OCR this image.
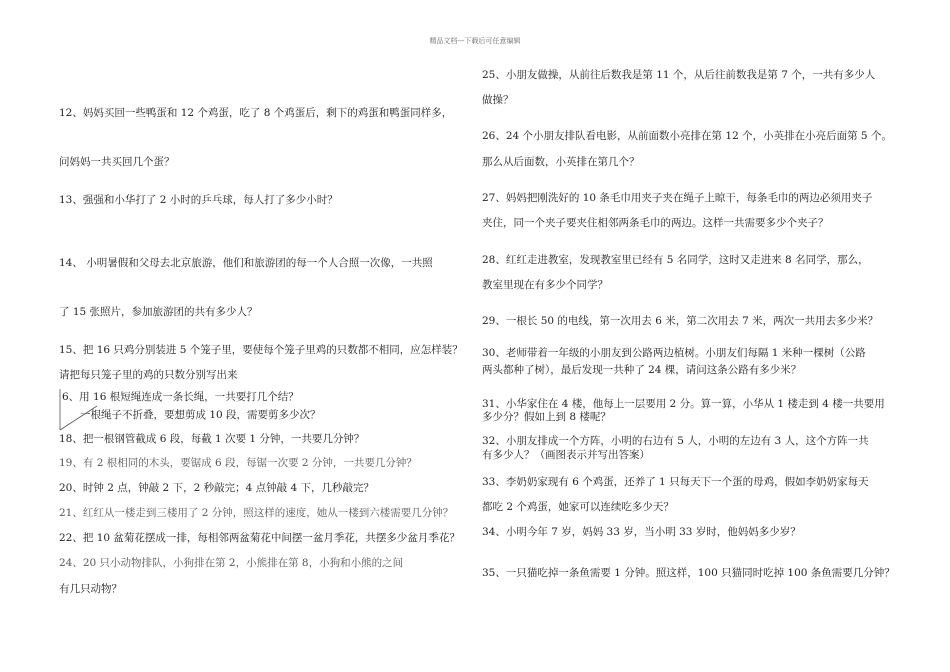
精品文档---下载后可任意编辑
12、妈妈买回一些鸭蛋和 12 个鸡蛋，吃了 8 个鸡蛋后，剩下的鸡蛋和鸭蛋同样多，
问妈妈一共买回几个蛋？
13、强强和小华打了 2 小时的乒乓球，每人打了多少小时？
14、 小明暑假和父母去北京旅游，他们和旅游团的每一个人合照一次像，一共照
了 15 张照片，参加旅游团的共有多少人？
15、把 16 只鸡分别装进 5 个笼子里，要使每个笼子里鸡的只数都不相同，应怎样装？
请把每只笼子里的鸡的只数分别写出来
6、用 16 根短绳连成一条长绳，一共要打几个结？
一根绳子不折叠，要想剪成 10 段，需要剪多少次？
18、把一根钢管截成 6 段，每截 1 次要 1 分钟，一共要几分钟？
19、有 2 根相同的木头，要锯成 6 段，每锯一次要 2 分钟，一共要几分钟？
20、时钟 2 点，钟敲 2 下，2 秒敲完；4 点钟敲 4 下，几秒敲完？
21、红红从一楼走到三楼用了 2 分钟，照这样的速度，她从一楼到六楼需要几分钟？
22、把 10 盆菊花摆成一排，每相邻两盆菊花中间摆一盆月季花，共摆多少盆月季花？
24、20 只小动物排队，小狗排在第 2，小熊排在第 8，小狗和小熊的之间
有几只动物？
25、小朋友做操，从前往后数我是第 11 个，从后往前数我是第 7 个，一共有多少人
做操？
26、24 个小朋友排队看电影，从前面数小亮排在第 12 个，小英排在小亮后面第 5 个。
那么从后面数，小英排在第几个？
27、妈妈把刚洗好的 10 条毛巾用夹子夹在绳子上晾干，每条毛巾的两边必须用夹子
夹住，同一个夹子要夹住相邻两条毛巾的两边。这样一共需要多少个夹子？
28、红红走进教室，发现教室里已经有 5 名同学，这时又走进来 8 名同学，那么，
教室里现在有多少个同学？
29、一根长 50 的电线，第一次用去 6 米，第二次用去 7 米，两次一共用去多少米？
30、老师带着一年级的小朋友到公路两边植树。小朋友们每隔 1 米种一棵树（公路
两头都种了树），最后发现一共种了 24 棵，请问这条公路有多少米？
31、小华家住在 4 楼，他每上一层要用 2 分。算一算，小华从 1 楼走到 4 楼一共要用
多少分？假如上到 8 楼呢？
32、小朋友排成一个方阵，小明的右边有 5 人，小明的左边有 3 人，这个方阵一共
有多少人？（画图表示并写出答案）
33、李奶奶家现有 6 个鸡蛋，还养了 1 只每天下一个蛋的母鸡，假如李奶奶家每天
都吃 2 个鸡蛋，她家可以连续吃多少天？
34、小明今年 7 岁，妈妈 33 岁，当小明 33 岁时，他妈妈多少岁？
35、一只猫吃掉一条鱼需要 1 分钟。照这样，100 只猫同时吃掉 100 条鱼需要几分钟？
